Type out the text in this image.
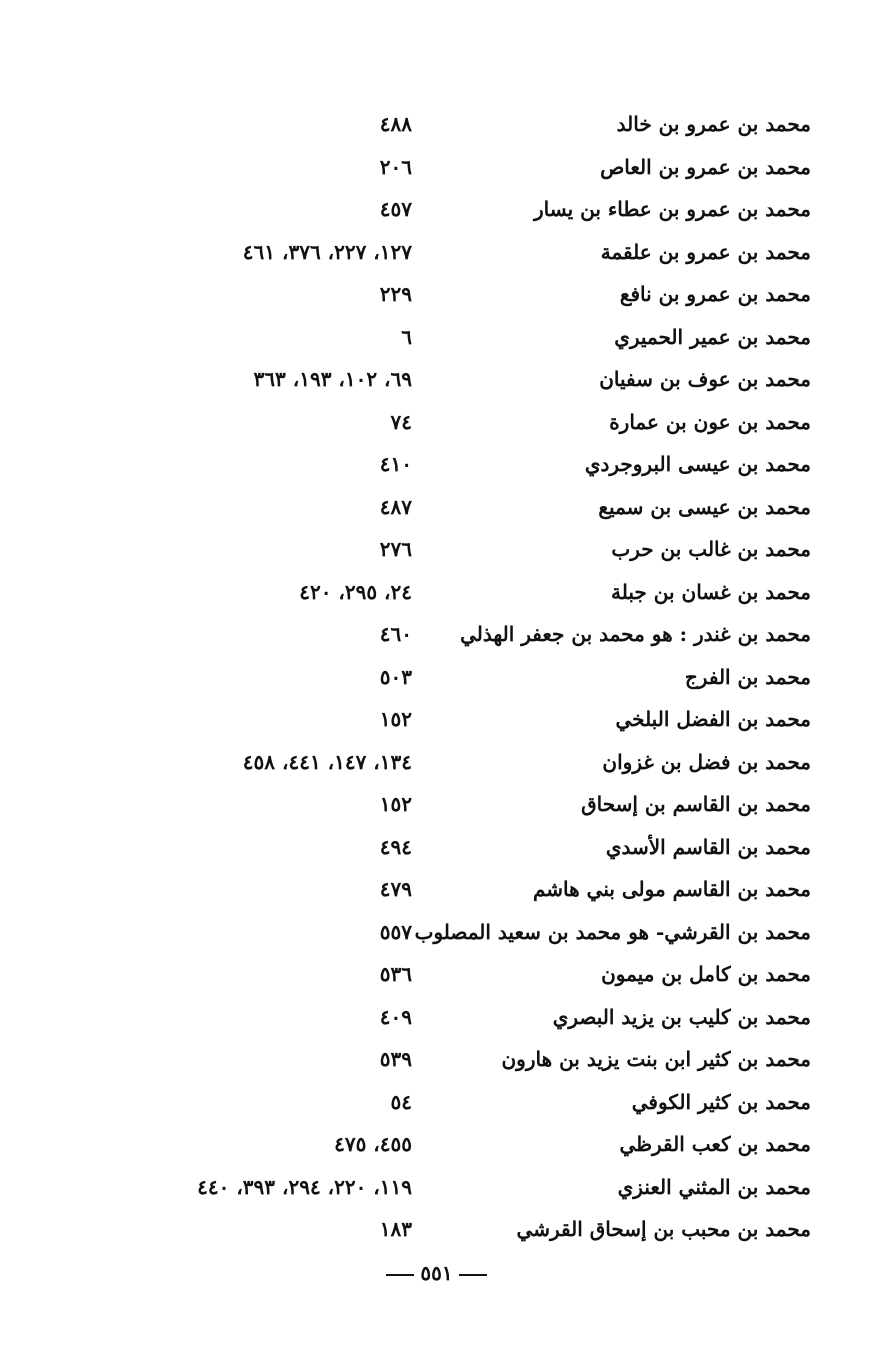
محمد بن عمرو بن خالد
٤٨٨
محمد بن عمرو بن العاص
٢٠٦
محمد بن عمرو بن عطاء بن يسار
٤٥٧
محمد بن عمرو بن علقمة
١٢٧، ٢٢٧، ٣٧٦، ٤٦١
محمد بن عمرو بن نافع
٢٢٩
محمد بن عمير الحميري
٦
محمد بن عوف بن سفيان
٦٩، ١٠٢، ١٩٣، ٣٦٣
محمد بن عون بن عمارة
٧٤
محمد بن عيسى البروجردي
٤١٠
محمد بن عيسى بن سميع
٤٨٧
محمد بن غالب بن حرب
٢٧٦
محمد بن غسان بن جبلة
٢٤، ٢٩٥، ٤٢٠
محمد بن غندر : هو محمد بن جعفر الهذلي
٤٦٠
محمد بن الفرج
٥٠٣
محمد بن الفضل البلخي
١٥٢
محمد بن فضل بن غزوان
١٣٤، ١٤٧، ٤٤١، ٤٥٨
محمد بن القاسم بن إسحاق
١٥٢
محمد بن القاسم الأسدي
٤٩٤
محمد بن القاسم مولى بني هاشم
٤٧٩
محمد بن القرشي- هو محمد بن سعيد المصلوب
٥٥٧
محمد بن كامل بن ميمون
٥٣٦
محمد بن كليب بن يزيد البصري
٤٠٩
محمد بن كثير ابن بنت يزيد بن هارون
٥٣٩
محمد بن كثير الكوفي
٥٤
محمد بن كعب القرظي
٤٥٥، ٤٧٥
محمد بن المثني العنزي
١١٩، ٢٢٠، ٢٩٤، ٣٩٣، ٤٤٠
محمد بن محبب بن إسحاق القرشي
١٨٣
٥٥١
